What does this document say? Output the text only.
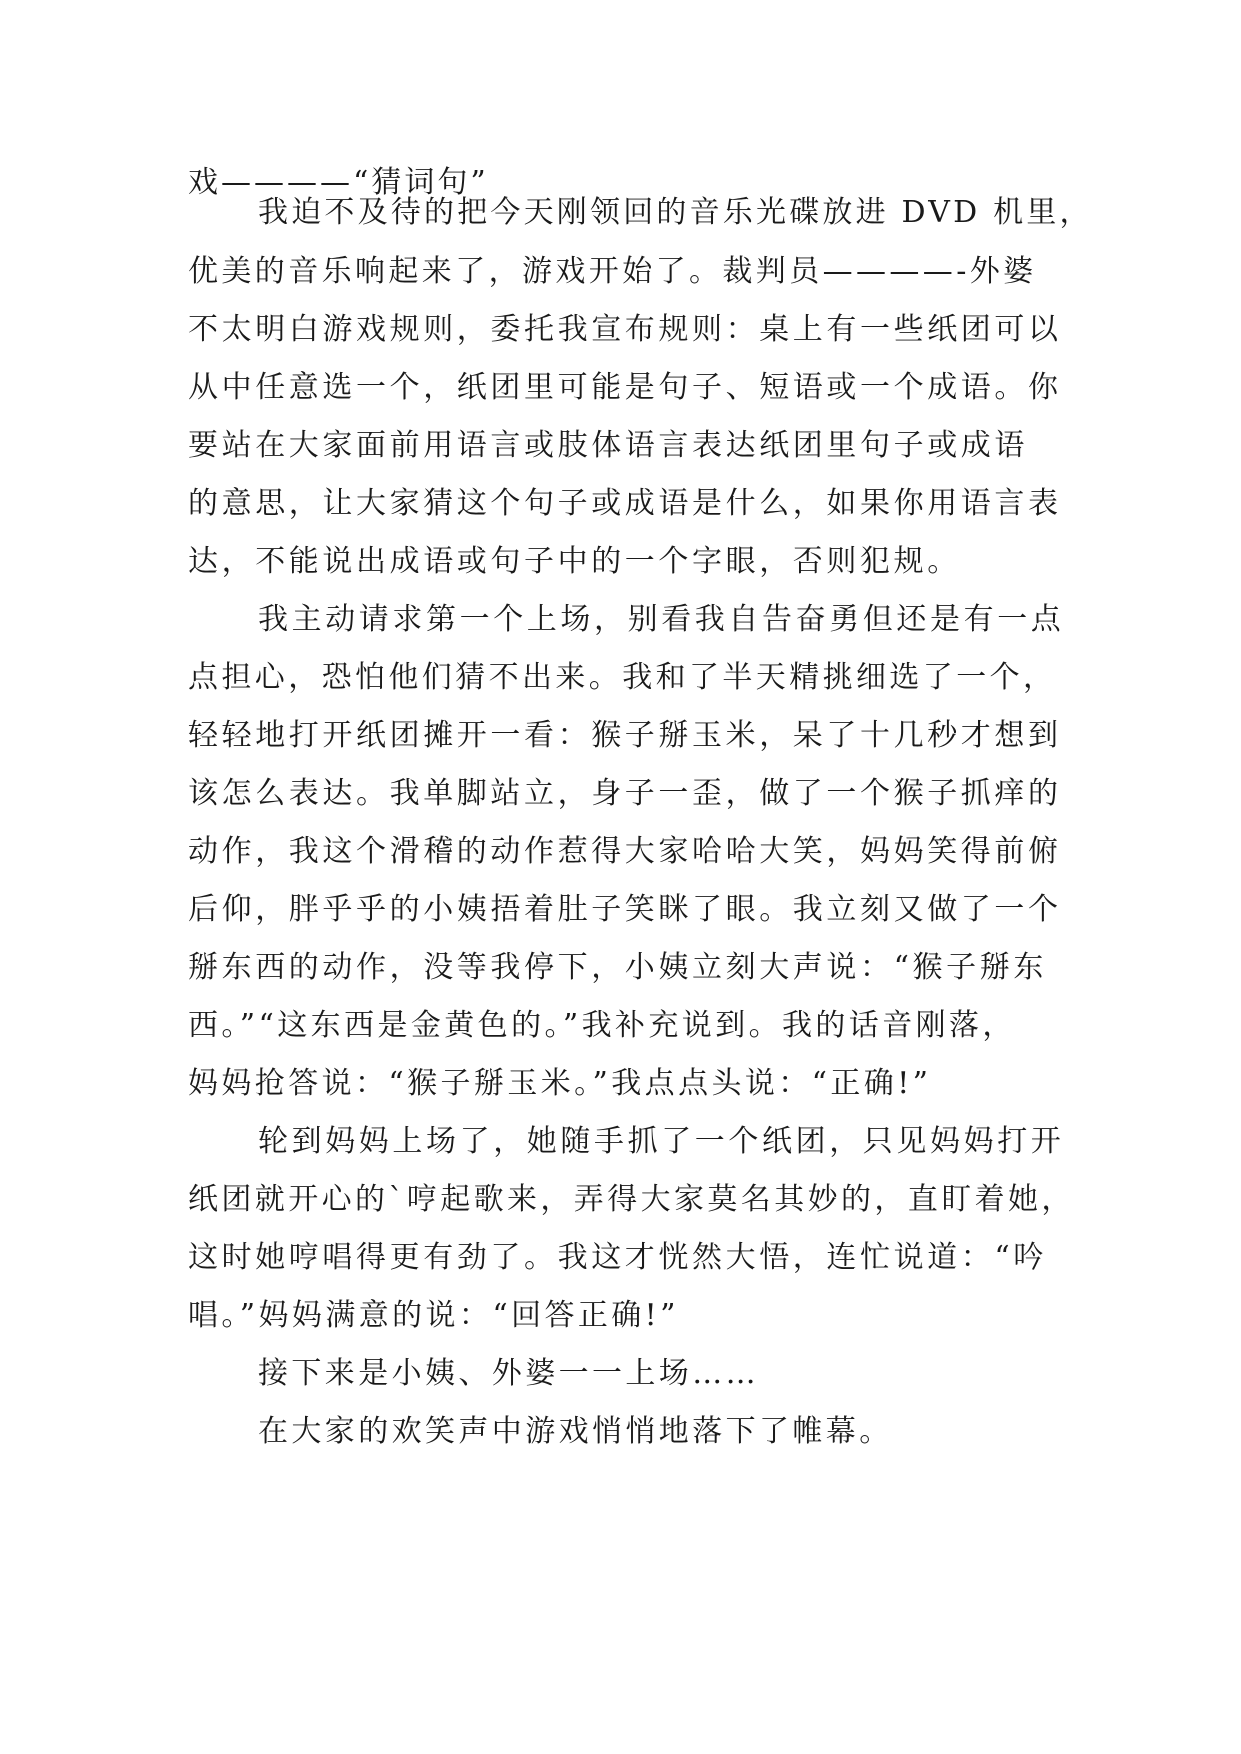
戏————“猜词句”
我迫不及待的把今天刚领回的音乐光碟放进 DVD 机里，
优美的音乐响起来了，游戏开始了。裁判员————-外婆
不太明白游戏规则，委托我宣布规则：桌上有一些纸团可以
从中任意选一个，纸团里可能是句子、短语或一个成语。你
要站在大家面前用语言或肢体语言表达纸团里句子或成语
的意思，让大家猜这个句子或成语是什么，如果你用语言表
达，不能说出成语或句子中的一个字眼，否则犯规。
我主动请求第一个上场，别看我自告奋勇但还是有一点
点担心，恐怕他们猜不出来。我和了半天精挑细选了一个，
轻轻地打开纸团摊开一看：猴子掰玉米，呆了十几秒才想到
该怎么表达。我单脚站立，身子一歪，做了一个猴子抓痒的
动作，我这个滑稽的动作惹得大家哈哈大笑，妈妈笑得前俯
后仰，胖乎乎的小姨捂着肚子笑眯了眼。我立刻又做了一个
掰东西的动作，没等我停下，小姨立刻大声说：“猴子掰东
西。”“这东西是金黄色的。”我补充说到。我的话音刚落，
妈妈抢答说：“猴子掰玉米。”我点点头说：“正确!”
轮到妈妈上场了，她随手抓了一个纸团，只见妈妈打开
纸团就开心的`哼起歌来，弄得大家莫名其妙的，直盯着她，
这时她哼唱得更有劲了。我这才恍然大悟，连忙说道：“吟
唱。”妈妈满意的说：“回答正确!”
接下来是小姨、外婆一一上场……
在大家的欢笑声中游戏悄悄地落下了帷幕。
